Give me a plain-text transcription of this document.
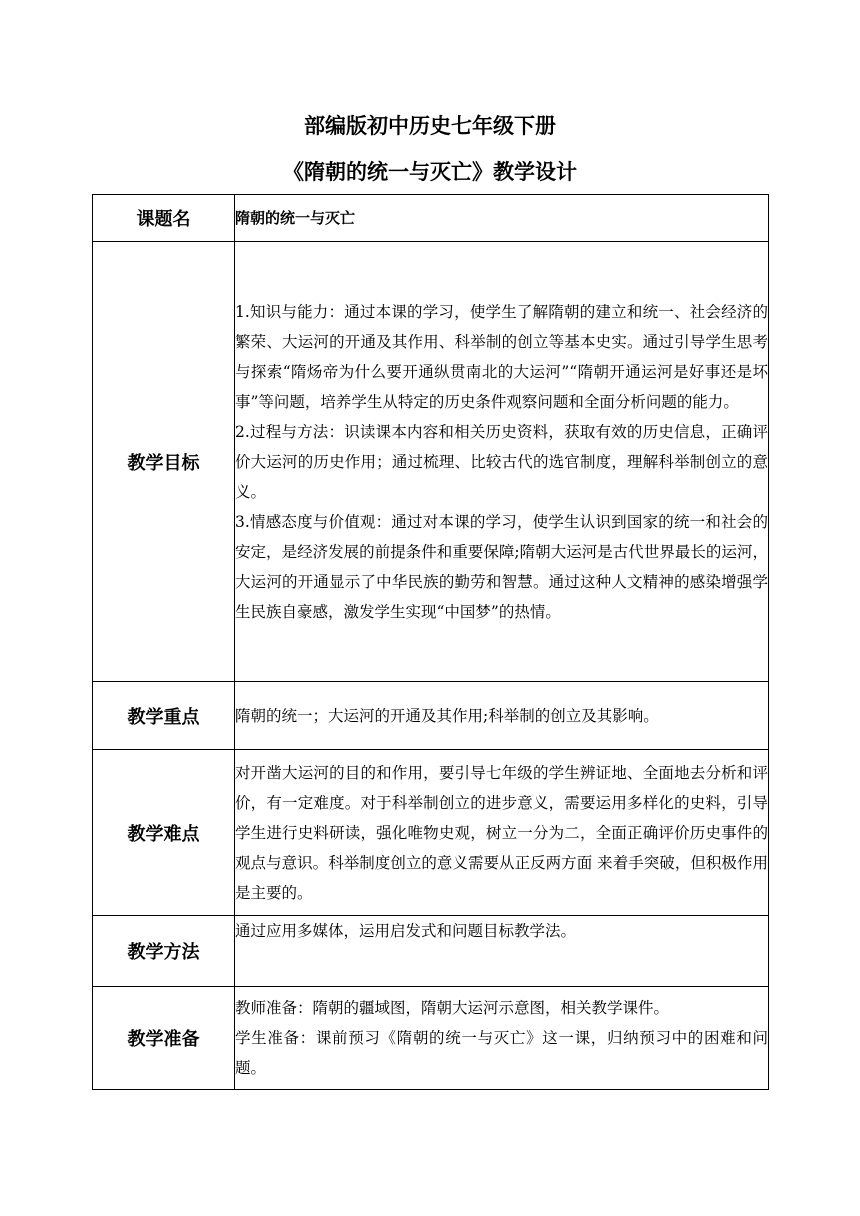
部编版初中历史七年级下册
《隋朝的统一与灭亡》教学设计
课题名	隋朝的统一与灭亡
教学目标	1.知识与能力：通过本课的学习，使学生了解隋朝的建立和统一、社会经济的繁荣、大运河的开通及其作用、科举制的创立等基本史实。通过引导学生思考与探索“隋炀帝为什么要开通纵贯南北的大运河”“隋朝开通运河是好事还是坏事”等问题，培养学生从特定的历史条件观察问题和全面分析问题的能力。

2.过程与方法：识读课本内容和相关历史资料，获取有效的历史信息，正确评价大运河的历史作用；通过梳理、比较古代的选官制度，理解科举制创立的意义。

3.情感态度与价值观：通过对本课的学习，使学生认识到国家的统一和社会的安定，是经济发展的前提条件和重要保障;隋朝大运河是古代世界最长的运河，大运河的开通显示了中华民族的勤劳和智慧。通过这种人文精神的感染增强学生民族自豪感，激发学生实现“中国梦”的热情。

教学重点	隋朝的统一；大运河的开通及其作用;科举制的创立及其影响。
教学难点	对开凿大运河的目的和作用，要引导七年级的学生辨证地、全面地去分析和评价，有一定难度。对于科举制创立的进步意义，需要运用多样化的史料，引导学生进行史料研读，强化唯物史观，树立一分为二，全面正确评价历史事件的观点与意识。科举制度创立的意义需要从正反两方面 来着手突破，但积极作用是主要的。
教学方法	通过应用多媒体，运用启发式和问题目标教学法。
教学准备	教师准备：隋朝的疆域图，隋朝大运河示意图，相关教学课件。

学生准备：课前预习《隋朝的统一与灭亡》这一课，归纳预习中的困难和问题。
